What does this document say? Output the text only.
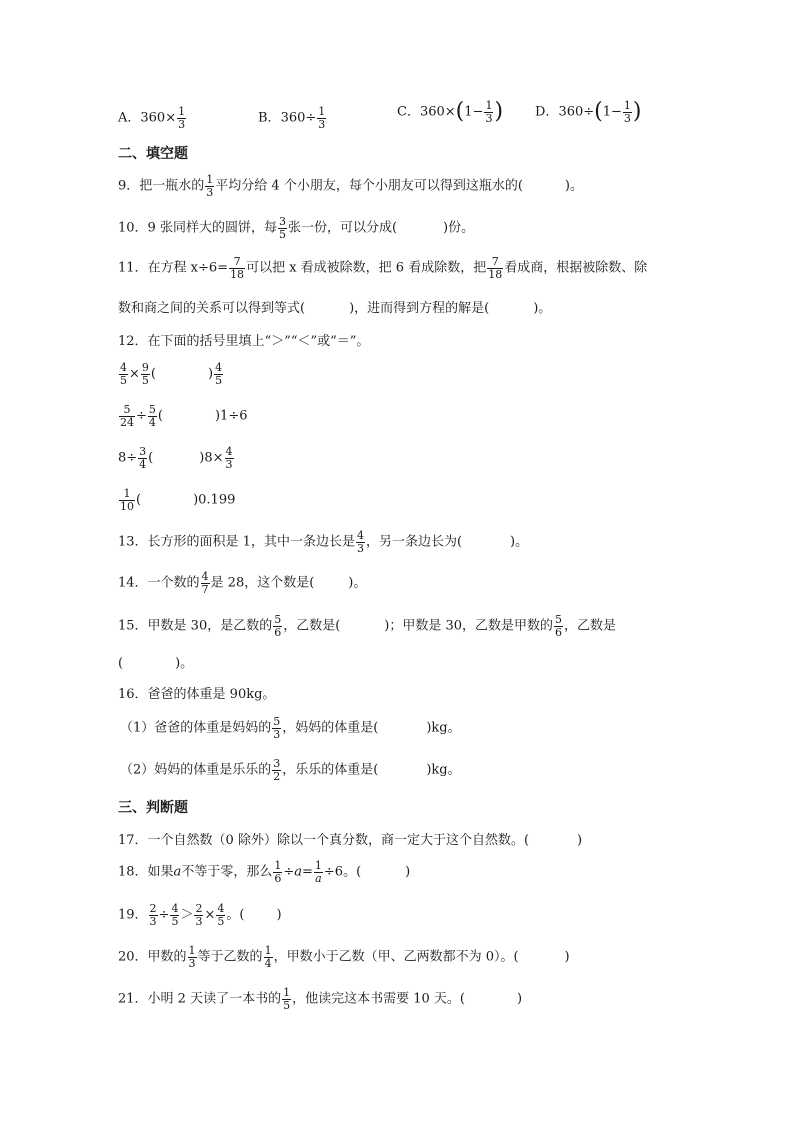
A．$360\times \frac{1}{3}$	B．$360\div \frac{1}{3}$	C．$360\times(1- \frac{1}{3}$ ) D．$360\div(1- \frac{1}{3}$ )
二、填空题
9．把一瓶水的 $\frac{1}{3}$ 平均分给 4 个小朋友，每个小朋友可以得到这瓶水的(	)。
10．9 张同样大的圆饼，每 $\frac{3}{5}$ 张一份，可以分成(	)份。
11．在方程 $x\div 6= \frac{7}{18}$ 可以把 x 看成被除数，把 6 看成除数，把 $\frac{7}{18}$ 看成商，根据被除数、除
数和商之间的关系可以得到等式(	)，进而得到方程的解是(	)。
12．在下面的括号里填上“＞”“＜”或“＝”。
$\frac{4}{5} \times \frac{9}{5}$ (	) $\frac{4}{5}$
$\frac{5}{24} \div \frac{5}{4}$ (	)1÷6
$8\div \frac{3}{4}$ (	)$8\times \frac{4}{3}$
$\frac{1}{10}$ (	)0.199
13．长方形的面积是 1，其中一条边长是 $\frac{4}{3}$ ，另一条边长为(	)。
14．一个数的 $\frac{4}{7}$ 是 28，这个数是(	)。
15．甲数是 30，是乙数的 $\frac{5}{6}$ ，乙数是(	)；甲数是 30，乙数是甲数的 $\frac{5}{6}$ ，乙数是
(	)。
16．爸爸的体重是 90kg。
（1）爸爸的体重是妈妈的 $\frac{5}{3}$ ，妈妈的体重是(	)kg。
（2）妈妈的体重是乐乐的 $\frac{3}{2}$ ，乐乐的体重是(	)kg。
三、判断题
17．一个自然数（0 除外）除以一个真分数，商一定大于这个自然数。(	)
18．如果a不等于零，那么 $\frac{1}{6} \div a= \frac{1}{a} \div 6$。(	)
19． $\frac{2}{3} \div \frac{4}{5} > \frac{2}{3} \times \frac{4}{5}$ 。( )
20．甲数的 $\frac{1}{3}$ 等于乙数的 $\frac{1}{4}$ ，甲数小于乙数（甲、乙两数都不为 0）。(	)
21．小明 2 天读了一本书的 $\frac{1}{5}$ ，他读完这本书需要 10 天。(	)
